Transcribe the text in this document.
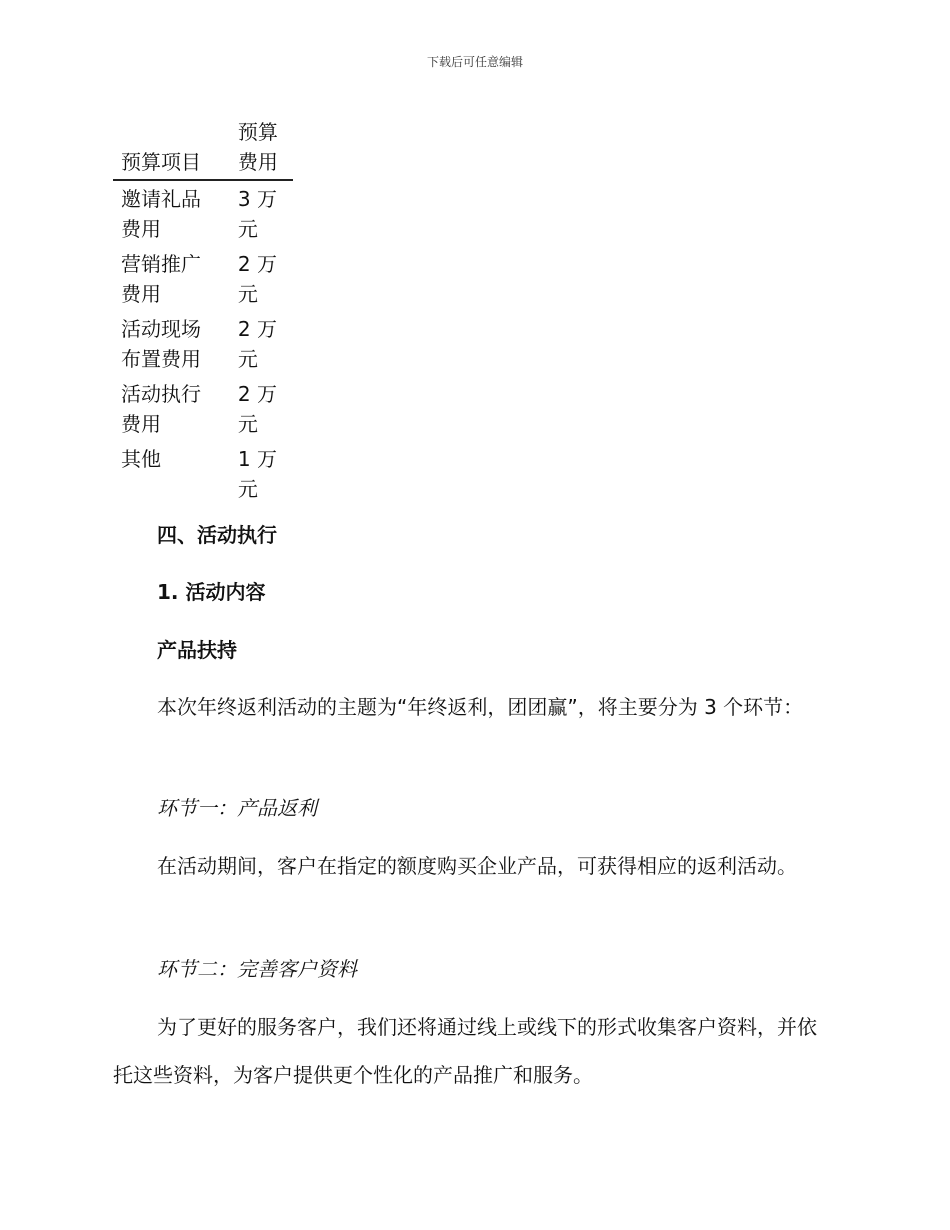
下载后可任意编辑
预算项目	预算费用

邀请礼品费用	3 万元

营销推广费用	2 万元

活动现场布置费用	2 万元

活动执行费用	2 万元

其他	1 万元
四、活动执行
1. 活动内容
产品扶持
本次年终返利活动的主题为“年终返利，团团赢”，将主要分为 3 个环节：
环节一：产品返利
在活动期间，客户在指定的额度购买企业产品，可获得相应的返利活动。
环节二：完善客户资料
为了更好的服务客户，我们还将通过线上或线下的形式收集客户资料，并依托这些资料，为客户提供更个性化的产品推广和服务。
